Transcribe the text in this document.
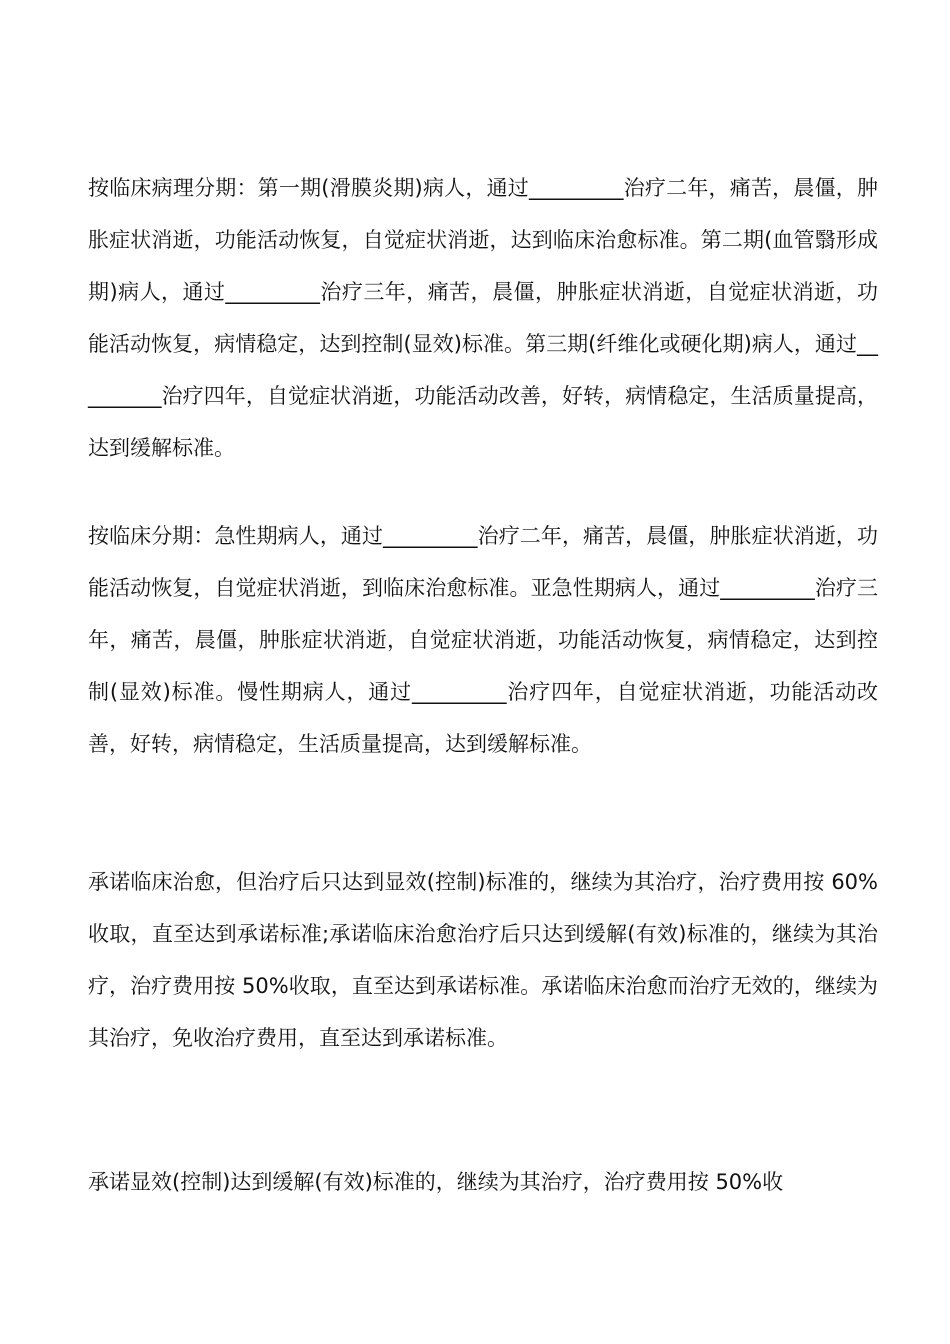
按临床病理分期：第一期(滑膜炎期)病人，通过_________治疗二年，痛苦，晨僵，肿胀症状消逝，功能活动恢复，自觉症状消逝，达到临床治愈标准。第二期(血管翳形成期)病人，通过_________治疗三年，痛苦，晨僵，肿胀症状消逝，自觉症状消逝，功能活动恢复，病情稳定，达到控制(显效)标准。第三期(纤维化或硬化期)病人，通过_________治疗四年，自觉症状消逝，功能活动改善，好转，病情稳定，生活质量提高，达到缓解标准。

按临床分期：急性期病人，通过_________治疗二年，痛苦，晨僵，肿胀症状消逝，功能活动恢复，自觉症状消逝，到临床治愈标准。亚急性期病人，通过_________治疗三年，痛苦，晨僵，肿胀症状消逝，自觉症状消逝，功能活动恢复，病情稳定，达到控制(显效)标准。慢性期病人，通过_________治疗四年，自觉症状消逝，功能活动改善，好转，病情稳定，生活质量提高，达到缓解标准。

承诺临床治愈，但治疗后只达到显效(控制)标准的，继续为其治疗，治疗费用按 60%收取，直至达到承诺标准;承诺临床治愈治疗后只达到缓解(有效)标准的，继续为其治疗，治疗费用按 50%收取，直至达到承诺标准。承诺临床治愈而治疗无效的，继续为其治疗，免收治疗费用，直至达到承诺标准。

承诺显效(控制)达到缓解(有效)标准的，继续为其治疗，治疗费用按 50%收
